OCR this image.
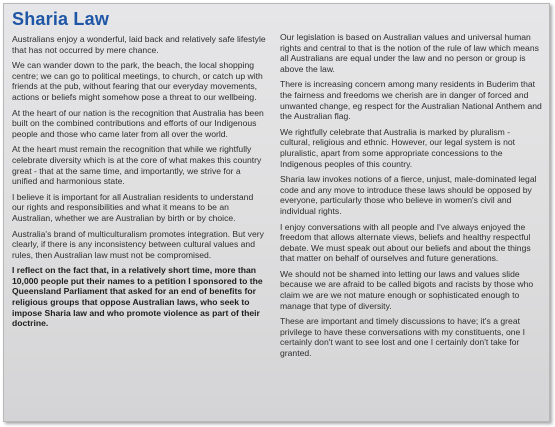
Sharia Law

Australians enjoy a wonderful, laid back and relatively safe lifestyle that has not occurred by mere chance.

We can wander down to the park, the beach, the local shopping centre; we can go to political meetings, to church, or catch up with friends at the pub, without fearing that our everyday movements, actions or beliefs might somehow pose a threat to our wellbeing.

At the heart of our nation is the recognition that Australia has been built on the combined contributions and efforts of our Indigenous people and those who came later from all over the world.

At the heart must remain the recognition that while we rightfully celebrate diversity which is at the core of what makes this country great - that at the same time, and importantly, we strive for a unified and harmonious state.

I believe it is important for all Australian residents to understand our rights and responsibilities and what it means to be an Australian, whether we are Australian by birth or by choice.

Australia's brand of multiculturalism promotes integration. But very clearly, if there is any inconsistency between cultural values and rules, then Australian law must not be compromised.

I reflect on the fact that, in a relatively short time, more than 10,000 people put their names to a petition I sponsored to the Queensland Parliament that asked for an end of benefits for religious groups that oppose Australian laws, who seek to impose Sharia law and who promote violence as part of their doctrine.

Our legislation is based on Australian values and universal human rights and central to that is the notion of the rule of law which means all Australians are equal under the law and no person or group is above the law.

There is increasing concern among many residents in Buderim that the fairness and freedoms we cherish are in danger of forced and unwanted change, eg respect for the Australian National Anthem and the Australian flag.

We rightfully celebrate that Australia is marked by pluralism - cultural, religious and ethnic. However, our legal system is not pluralistic, apart from some appropriate concessions to the Indigenous peoples of this country.

Sharia law invokes notions of a fierce, unjust, male-dominated legal code and any move to introduce these laws should be opposed by everyone, particularly those who believe in women's civil and individual rights.

I enjoy conversations with all people and I've always enjoyed the freedom that allows alternate views, beliefs and healthy respectful debate. We must speak out about our beliefs and about the things that matter on behalf of ourselves and future generations.

We should not be shamed into letting our laws and values slide because we are afraid to be called bigots and racists by those who claim we are we not mature enough or sophisticated enough to manage that type of diversity.

These are important and timely discussions to have; it's a great privilege to have these conversations with my constituents, one I certainly don't want to see lost and one I certainly don't take for granted.
